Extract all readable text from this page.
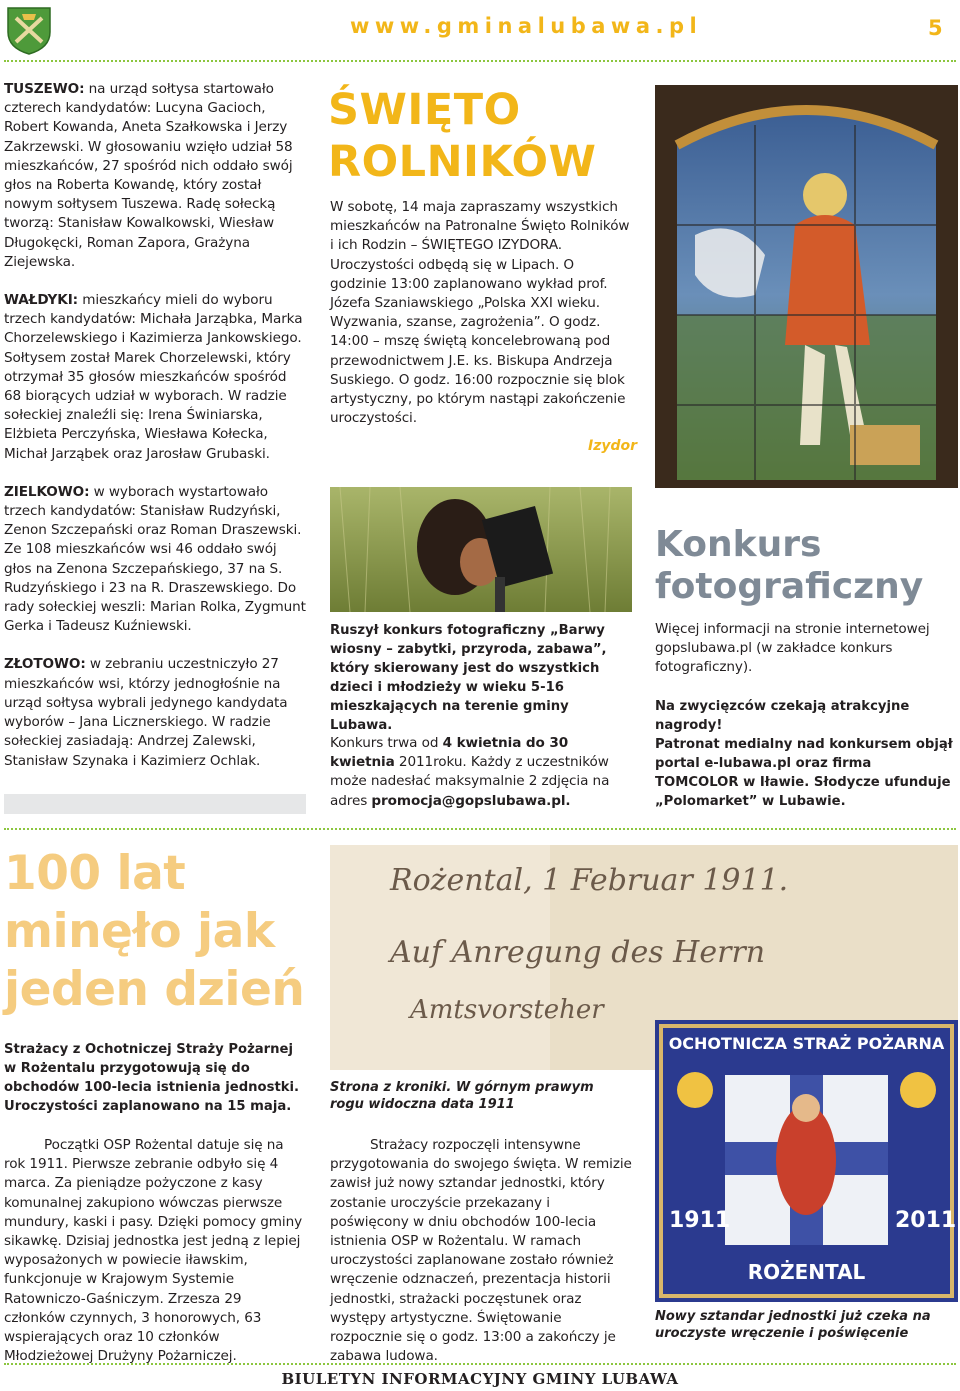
www.gminalubawa.pl	5

TUSZEWO: na urząd sołtysa startowało czterech kandydatów: Lucyna Gacioch, Robert Kowanda, Aneta Szałkowska i Jerzy Zakrzewski. W głosowaniu wzięło udział 58 mieszkańców, 27 spośród nich oddało swój głos na Roberta Kowandę, który został nowym sołtysem Tuszewa. Radę sołecką tworzą: Stanisław Kowalkowski, Wiesław Długokęcki, Roman Zapora, Grażyna Ziejewska.

WAŁDYKI: mieszkańcy mieli do wyboru trzech kandydatów: Michała Jarząbka, Marka Chorzelewskiego i Kazimierza Jankowskiego. Sołtysem został Marek Chorzelewski, który otrzymał 35 głosów mieszkańców spośród 68 biorących udział w wyborach. W radzie sołeckiej znaleźli się: Irena Świniarska, Elżbieta Perczyńska, Wiesława Kołecka, Michał Jarząbek oraz Jarosław Grubaski.

ZIELKOWO: w wyborach wystartowało trzech kandydatów: Stanisław Rudzyński, Zenon Szczepański oraz Roman Draszewski. Ze 108 mieszkańców wsi 46 oddało swój głos na Zenona Szczepańskiego, 37 na S. Rudzyńskiego i 23 na R. Draszewskiego. Do rady sołeckiej weszli: Marian Rolka, Zygmunt Gerka i Tadeusz Kuźniewski.

ZŁOTOWO: w zebraniu uczestniczyło 27 mieszkańców wsi, którzy jednogłośnie na urząd sołtysa wybrali jedynego kandydata wyborów – Jana Licznerskiego. W radzie sołeckiej zasiadają: Andrzej Zalewski, Stanisław Szynaka i Kazimierz Ochlak.

ŚWIĘTO
ROLNIKÓW

W sobotę, 14 maja zapraszamy wszystkich mieszkańców na Patronalne Święto Rolników i ich Rodzin – ŚWIĘTEGO IZYDORA. Uroczystości odbędą się w Lipach. O godzinie 13:00 zaplanowano wykład prof. Józefa Szaniawskiego „Polska XXI wieku. Wyzwania, szanse, zagrożenia”. O godz. 14:00 – mszę świętą koncelebrowaną pod przewodnictwem J.E. ks. Biskupa Andrzeja Suskiego. O godz. 16:00 rozpocznie się blok artystyczny, po którym nastąpi zakończenie uroczystości.

Izydor

Ruszył konkurs fotograficzny „Barwy wiosny – zabytki, przyroda, zabawa”, który skierowany jest do wszystkich dzieci i młodzieży w wieku 5-16 mieszkających na terenie gminy Lubawa.

Konkurs trwa od 4 kwietnia do 30 kwietnia 2011roku. Każdy z uczestników może nadesłać maksymalnie 2 zdjęcia na adres promocja@gopslubawa.pl.

Konkurs
fotograficzny

Więcej informacji na stronie internetowej gopslubawa.pl (w zakładce konkurs fotograficzny).

Na zwycięzców czekają atrakcyjne nagrody!

Patronat medialny nad konkursem objął portal e-lubawa.pl oraz firma TOMCOLOR w Iławie. Słodycze ufunduje „Polomarket” w Lubawie.

100 lat
minęło jak
jeden dzień

Strażacy z Ochotniczej Straży Pożarnej w Rożentalu przygotowują się do obchodów 100-lecia istnienia jednostki. Uroczystości zaplanowano na 15 maja.

Początki OSP Rożental datuje się na rok 1911. Pierwsze zebranie odbyło się 4 marca. Za pieniądze pożyczone z kasy komunalnej zakupiono wówczas pierwsze mundury, kaski i pasy. Dzięki pomocy gminy sikawkę. Dzisiaj jednostka jest jedną z lepiej wyposażonych w powiecie iławskim, funkcjonuje w Krajowym Systemie Ratowniczo-Gaśniczym. Zrzesza 29 członków czynnych, 3 honorowych, 63 wspierających oraz 10 członków Młodzieżowej Drużyny Pożarniczej.

Strażacy rozpoczęli intensywne przygotowania do swojego święta. W remizie zawisł już nowy sztandar jednostki, który zostanie uroczyście przekazany i poświęcony w dniu obchodów 100-lecia istnienia OSP w Rożentalu. W ramach uroczystości zaplanowane zostało również wręczenie odznaczeń, prezentacja historii jednostki, strażacki poczęstunek oraz występy artystyczne. Świętowanie rozpocznie się o godz. 13:00 a zakończy je zabawa ludowa.

Rożental, 1 Februar 1911.
Auf Anregung des Herrn
Amtsvorsteher

Strona z kroniki. W górnym prawym rogu widoczna data 1911

OCHOTNICZA STRAŻ POŻARNA
1911	2011
ROŻENTAL

Nowy sztandar jednostki już czeka na uroczyste wręczenie i poświęcenie

BIULETYN INFORMACYJNY GMINY LUBAWA
